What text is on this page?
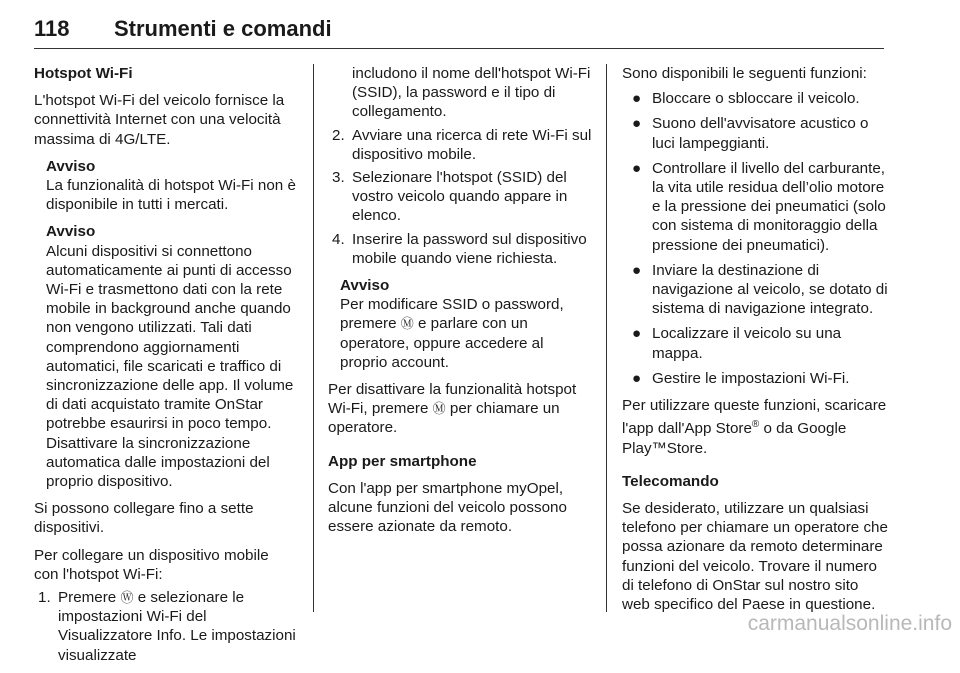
118 Strumenti e comandi

Hotspot Wi-Fi

L'hotspot Wi-Fi del veicolo fornisce la connettività Internet con una velocità massima di 4G/LTE.

Avviso
La funzionalità di hotspot Wi-Fi non è disponibile in tutti i mercati.
Avviso
Alcuni dispositivi si connettono automaticamente ai punti di accesso Wi-Fi e trasmettono dati con la rete mobile in background anche quando non vengono utilizzati. Tali dati comprendono aggiornamenti automatici, file scaricati e traffico di sincronizzazione delle app. Il volume di dati acquistato tramite OnStar potrebbe esaurirsi in poco tempo. Disattivare la sincronizzazione automatica dalle impostazioni del proprio dispositivo.

Si possono collegare fino a sette dispositivi.

Per collegare un dispositivo mobile con l'hotspot Wi-Fi:

1. Premere Ⓦ e selezionare le impostazioni Wi-Fi del Visualizzatore Info. Le impostazioni visualizzate

includono il nome dell'hotspot Wi-Fi (SSID), la password e il tipo di collegamento.

2. Avviare una ricerca di rete Wi-Fi sul dispositivo mobile.
3. Selezionare l'hotspot (SSID) del vostro veicolo quando appare in elenco.
4. Inserire la password sul dispositivo mobile quando viene richiesta.
Avviso
Per modificare SSID o password, premere Ⓜ e parlare con un operatore, oppure accedere al proprio account.

Per disattivare la funzionalità hotspot Wi-Fi, premere Ⓜ per chiamare un operatore.

App per smartphone

Con l'app per smartphone myOpel, alcune funzioni del veicolo possono essere azionate da remoto.

Sono disponibili le seguenti funzioni:

● Bloccare o sbloccare il veicolo.
● Suono dell'avvisatore acustico o luci lampeggianti.
● Controllare il livello del carburante, la vita utile residua dell’olio motore e la pressione dei pneumatici (solo con sistema di monitoraggio della pressione dei pneumatici).
● Inviare la destinazione di navigazione al veicolo, se dotato di sistema di navigazione integrato.
● Localizzare il veicolo su una mappa.
● Gestire le impostazioni Wi-Fi.

Per utilizzare queste funzioni, scaricare l'app dall'App Store® o da Google Play™Store.

Telecomando

Se desiderato, utilizzare un qualsiasi telefono per chiamare un operatore che possa azionare da remoto determinare funzioni del veicolo. Trovare il numero di telefono di OnStar sul nostro sito web specifico del Paese in questione.

carmanualsonline.info
